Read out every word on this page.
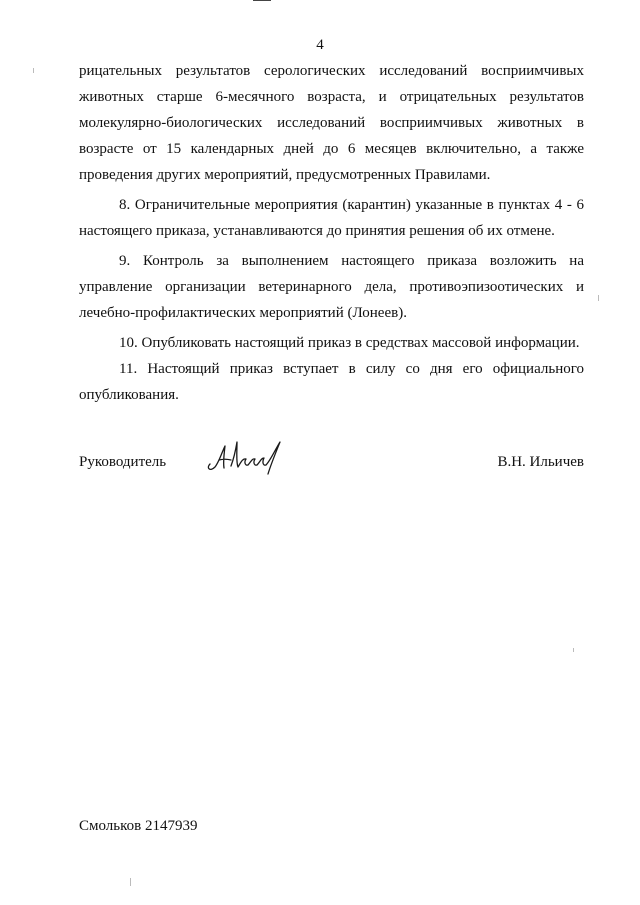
4

рицательных результатов серологических исследований восприимчивых животных старше 6-месячного возраста, и отрицательных результатов молекулярно-биологических исследований восприимчивых животных в возрасте от 15 календарных дней до 6 месяцев включительно, а также проведения других мероприятий, предусмотренных Правилами.

8. Ограничительные мероприятия (карантин) указанные в пунктах 4 - 6 настоящего приказа, устанавливаются до принятия решения об их отмене.

9. Контроль за выполнением настоящего приказа возложить на управление организации ветеринарного дела, противоэпизоотических и лечебно-профилактических мероприятий (Лонеев).

10. Опубликовать настоящий приказ в средствах массовой информации.

11. Настоящий приказ вступает в силу со дня его официального опубликования.

Руководитель	В.Н. Ильичев
Смольков 2147939
